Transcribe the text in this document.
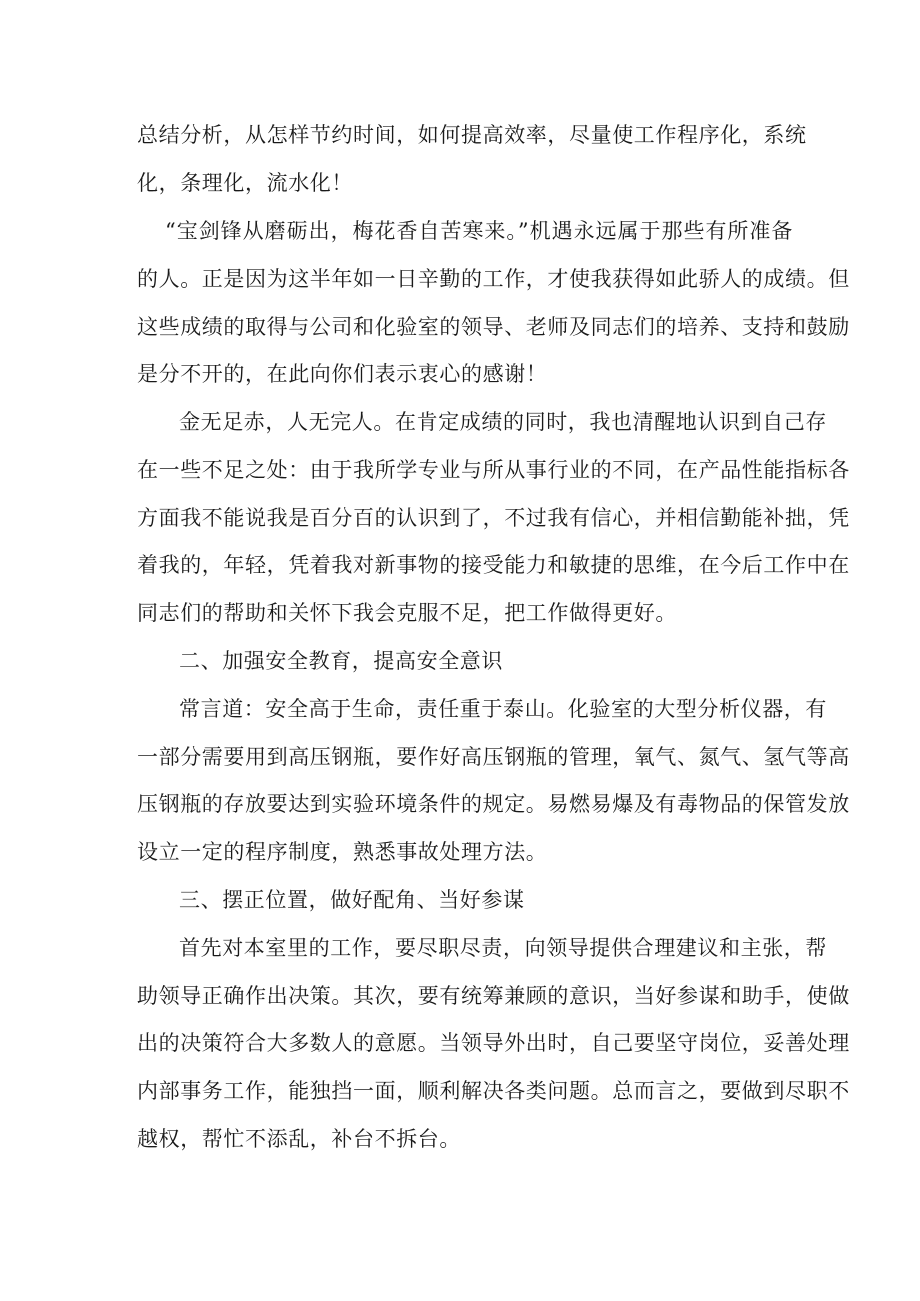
总结分析，从怎样节约时间，如何提高效率，尽量使工作程序化，系统
化，条理化，流水化！
“宝剑锋从磨砺出，梅花香自苦寒来。”机遇永远属于那些有所准备
的人。正是因为这半年如一日辛勤的工作，才使我获得如此骄人的成绩。但
这些成绩的取得与公司和化验室的领导、老师及同志们的培养、支持和鼓励
是分不开的，在此向你们表示衷心的感谢！
金无足赤，人无完人。在肯定成绩的同时，我也清醒地认识到自己存
在一些不足之处：由于我所学专业与所从事行业的不同，在产品性能指标各
方面我不能说我是百分百的认识到了，不过我有信心，并相信勤能补拙，凭
着我的，年轻，凭着我对新事物的接受能力和敏捷的思维，在今后工作中在
同志们的帮助和关怀下我会克服不足，把工作做得更好。
二、加强安全教育，提高安全意识
常言道：安全高于生命，责任重于泰山。化验室的大型分析仪器，有
一部分需要用到高压钢瓶，要作好高压钢瓶的管理，氧气、氮气、氢气等高
压钢瓶的存放要达到实验环境条件的规定。易燃易爆及有毒物品的保管发放
设立一定的程序制度，熟悉事故处理方法。
三、摆正位置，做好配角、当好参谋
首先对本室里的工作，要尽职尽责，向领导提供合理建议和主张，帮
助领导正确作出决策。其次，要有统筹兼顾的意识，当好参谋和助手，使做
出的决策符合大多数人的意愿。当领导外出时，自己要坚守岗位，妥善处理
内部事务工作，能独挡一面，顺利解决各类问题。总而言之，要做到尽职不
越权，帮忙不添乱，补台不拆台。
